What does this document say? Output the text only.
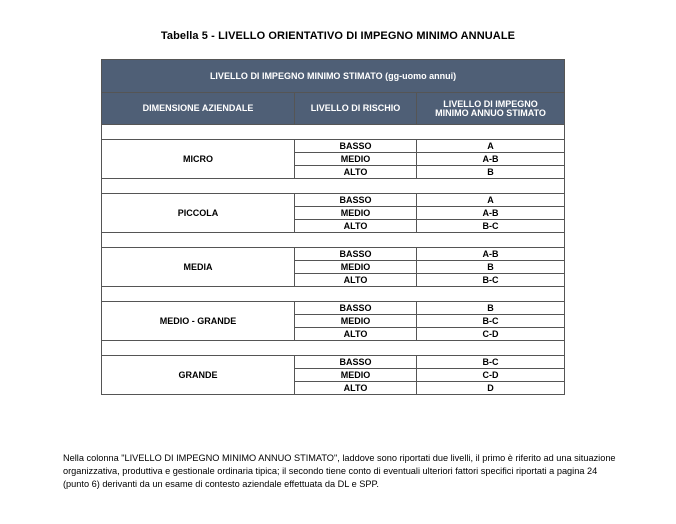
Tabella 5 - LIVELLO ORIENTATIVO DI IMPEGNO MINIMO ANNUALE
LIVELLO DI IMPEGNO MINIMO STIMATO (gg-uomo annui)		
DIMENSIONE AZIENDALE	LIVELLO DI RISCHIO	LIVELLO DI IMPEGNO
MINIMO ANNUO STIMATO

MICRO	BASSO	A
	MEDIO	A-B
	ALTO	B

PICCOLA	BASSO	A
	MEDIO	A-B
	ALTO	B-C

MEDIA	BASSO	A-B
	MEDIO	B
	ALTO	B-C

MEDIO - GRANDE	BASSO	B
	MEDIO	B-C
	ALTO	C-D

GRANDE	BASSO	B-C
	MEDIO	C-D
	ALTO	D
Nella colonna "LIVELLO DI IMPEGNO MINIMO ANNUO STIMATO", laddove sono riportati due livelli, il primo è riferito ad una situazione organizzativa, produttiva e gestionale ordinaria tipica; il secondo tiene conto di eventuali ulteriori fattori specifici riportati a pagina 24 (punto 6) derivanti da un esame di contesto aziendale effettuata da DL e SPP.
